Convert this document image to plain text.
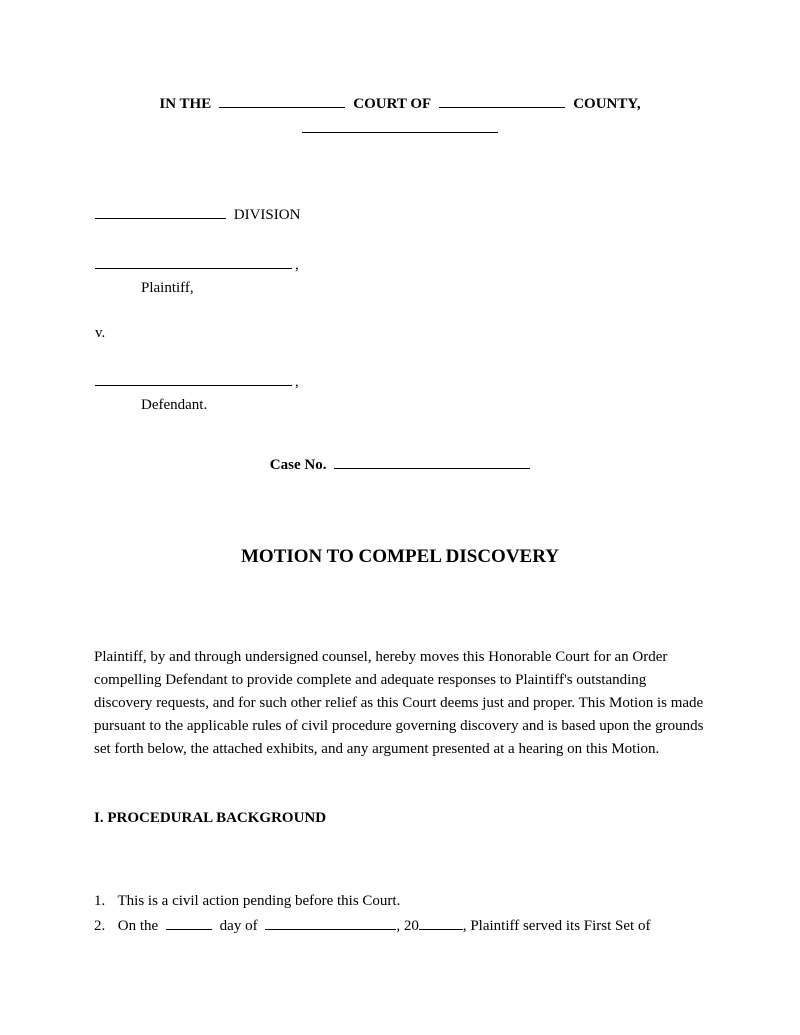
IN THE	COURT OF	COUNTY,
DIVISION
,
Plaintiff,
v.
,
Defendant.
Case No.
MOTION TO COMPEL DISCOVERY
Plaintiff, by and through undersigned counsel, hereby moves this Honorable Court for an Order compelling Defendant to provide complete and adequate responses to Plaintiff's outstanding discovery requests, and for such other relief as this Court deems just and proper. This Motion is made pursuant to the applicable rules of civil procedure governing discovery and is based upon the grounds set forth below, the attached exhibits, and any argument presented at a hearing on this Motion.
I. PROCEDURAL BACKGROUND
1. This is a civil action pending before this Court.
2. On the	day of	, 20	, Plaintiff served its First Set of
